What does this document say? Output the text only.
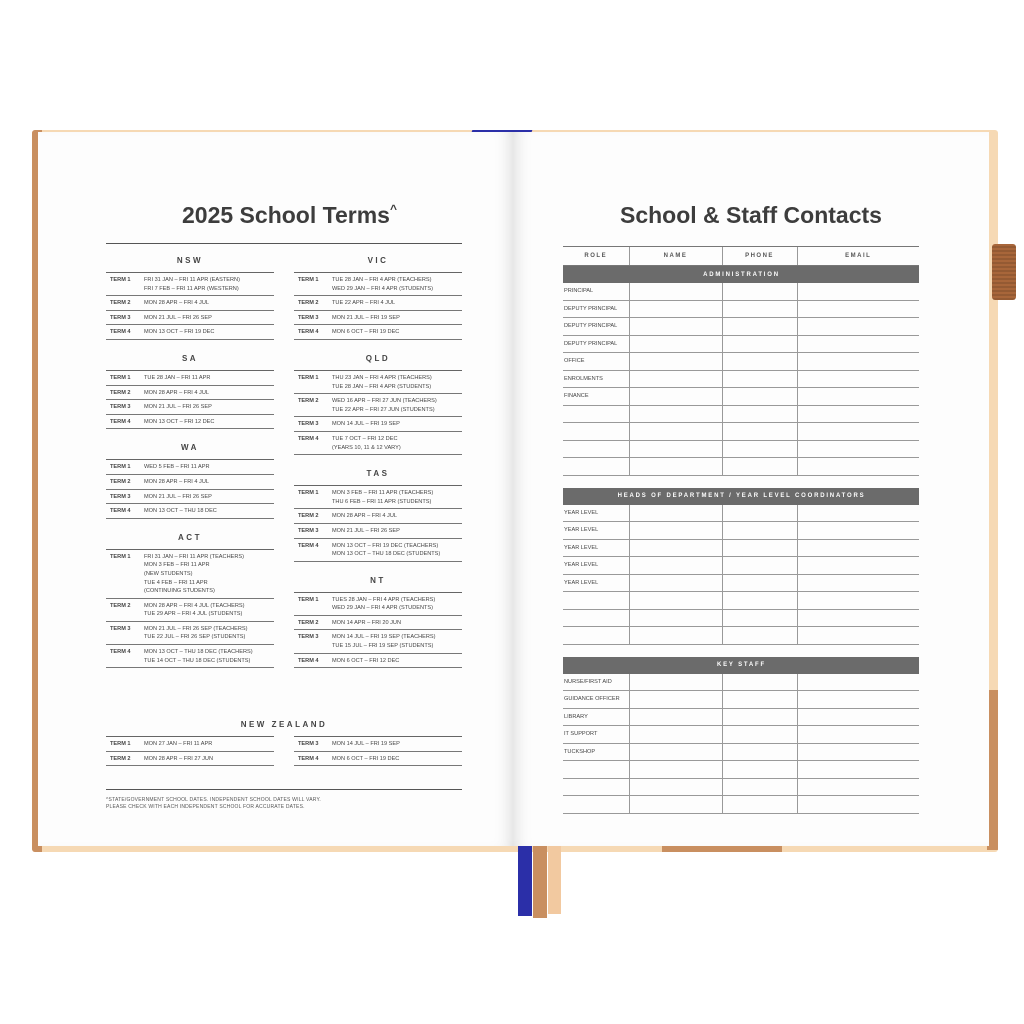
2025 School Terms^
NSW
TERM 1	FRI 31 JAN – FRI 11 APR (EASTERN)
FRI 7 FEB – FRI 11 APR (WESTERN)
TERM 2	MON 28 APR – FRI 4 JUL
TERM 3	MON 21 JUL – FRI 26 SEP
TERM 4	MON 13 OCT – FRI 19 DEC
SA
TERM 1	TUE 28 JAN – FRI 11 APR
TERM 2	MON 28 APR – FRI 4 JUL
TERM 3	MON 21 JUL – FRI 26 SEP
TERM 4	MON 13 OCT – FRI 12 DEC
WA
TERM 1	WED 5 FEB – FRI 11 APR
TERM 2	MON 28 APR – FRI 4 JUL
TERM 3	MON 21 JUL – FRI 26 SEP
TERM 4	MON 13 OCT – THU 18 DEC
ACT
TERM 1	FRI 31 JAN – FRI 11 APR (TEACHERS)
MON 3 FEB – FRI 11 APR
(NEW STUDENTS)
TUE 4 FEB – FRI 11 APR
(CONTINUING STUDENTS)
TERM 2	MON 28 APR – FRI 4 JUL (TEACHERS)
TUE 29 APR – FRI 4 JUL (STUDENTS)
TERM 3	MON 21 JUL – FRI 26 SEP (TEACHERS)
TUE 22 JUL – FRI 26 SEP (STUDENTS)
TERM 4	MON 13 OCT – THU 18 DEC (TEACHERS)
TUE 14 OCT – THU 18 DEC (STUDENTS)
VIC
TERM 1	TUE 28 JAN – FRI 4 APR (TEACHERS)
WED 29 JAN – FRI 4 APR (STUDENTS)
TERM 2	TUE 22 APR – FRI 4 JUL
TERM 3	MON 21 JUL – FRI 19 SEP
TERM 4	MON 6 OCT – FRI 19 DEC
QLD
TERM 1	THU 23 JAN – FRI 4 APR (TEACHERS)
TUE 28 JAN – FRI 4 APR (STUDENTS)
TERM 2	WED 16 APR – FRI 27 JUN (TEACHERS)
TUE 22 APR – FRI 27 JUN (STUDENTS)
TERM 3	MON 14 JUL – FRI 19 SEP
TERM 4	TUE 7 OCT – FRI 12 DEC
(YEARS 10, 11 & 12 VARY)
TAS
TERM 1	MON 3 FEB – FRI 11 APR (TEACHERS)
THU 6 FEB – FRI 11 APR (STUDENTS)
TERM 2	MON 28 APR – FRI 4 JUL
TERM 3	MON 21 JUL – FRI 26 SEP
TERM 4	MON 13 OCT – FRI 19 DEC (TEACHERS)
MON 13 OCT – THU 18 DEC (STUDENTS)
NT
TERM 1	TUES 28 JAN – FRI 4 APR (TEACHERS)
WED 29 JAN – FRI 4 APR (STUDENTS)
TERM 2	MON 14 APR – FRI 20 JUN
TERM 3	MON 14 JUL – FRI 19 SEP (TEACHERS)
TUE 15 JUL – FRI 19 SEP (STUDENTS)
TERM 4	MON 6 OCT – FRI 12 DEC
NEW ZEALAND
TERM 1	MON 27 JAN – FRI 11 APR
TERM 2	MON 28 APR – FRI 27 JUN
TERM 3	MON 14 JUL – FRI 19 SEP
TERM 4	MON 6 OCT – FRI 19 DEC
^STATE/GOVERNMENT SCHOOL DATES. INDEPENDENT SCHOOL DATES WILL VARY.
PLEASE CHECK WITH EACH INDEPENDENT SCHOOL FOR ACCURATE DATES.
School & Staff Contacts
ROLE	NAME	PHONE	EMAIL
ADMINISTRATION			
PRINCIPAL			
DEPUTY PRINCIPAL			
DEPUTY PRINCIPAL			
DEPUTY PRINCIPAL			
OFFICE			
ENROLMENTS			
FINANCE			

HEADS OF DEPARTMENT / YEAR LEVEL COORDINATORS			
YEAR LEVEL			
YEAR LEVEL			
YEAR LEVEL			
YEAR LEVEL			
YEAR LEVEL			

KEY STAFF			
NURSE/FIRST AID			
GUIDANCE OFFICER			
LIBRARY			
IT SUPPORT			
TUCKSHOP			
